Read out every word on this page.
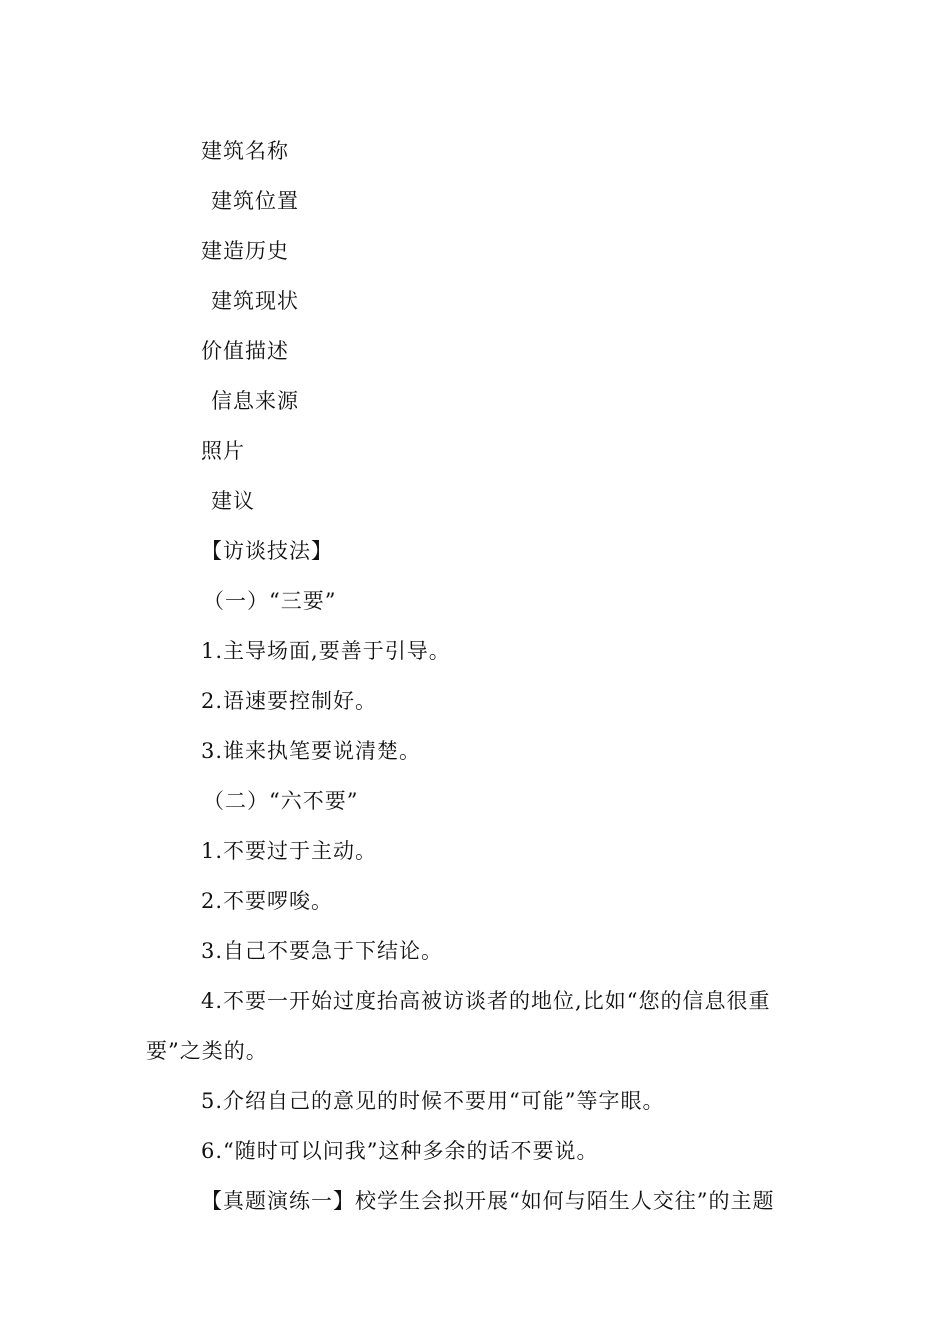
建筑名称
建筑位置
建造历史
建筑现状
价值描述
信息来源
照片
建议
【访谈技法】
（一）“三要”
1.主导场面,要善于引导。
2.语速要控制好。
3.谁来执笔要说清楚。
（二）“六不要”
1.不要过于主动。
2.不要啰唆。
3.自己不要急于下结论。
4.不要一开始过度抬高被访谈者的地位,比如“您的信息很重
要”之类的。
5.介绍自己的意见的时候不要用“可能”等字眼。
6.“随时可以问我”这种多余的话不要说。
【真题演练一】校学生会拟开展“如何与陌生人交往”的主题
